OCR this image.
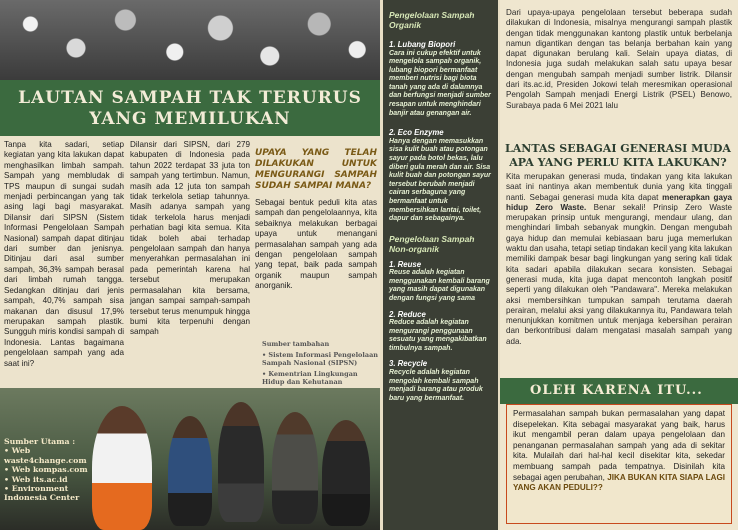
LAUTAN SAMPAH TAK TERURUS
YANG MEMILUKAN

Tanpa kita sadari, setiap kegiatan yang kita lakukan dapat menghasilkan limbah sampah. Sampah yang membludak di TPS maupun di sungai sudah menjadi perbincangan yang tak asing lagi bagi masyarakat. Dilansir dari SIPSN (Sistem Informasi Pengelolaan Sampah Nasional) sampah dapat ditinjau dari sumber dan jenisnya. Ditinjau dari asal sumber sampah, 36,3% sampah berasal dari limbah rumah tangga. Sedangkan ditinjau dari jenis sampah, 40,7% sampah sisa makanan dan disusul 17,9% merupakan sampah plastik. Sungguh miris kondisi sampah di Indonesia. Lantas bagaimana pengelolaan sampah yang ada saat ini?

Dilansir dari SIPSN, dari 279 kabupaten di Indonesia pada tahun 2022 terdapat 33 juta ton sampah yang tertimbun. Namun, masih ada 12 juta ton sampah tidak terkelola setiap tahunnya. Masih adanya sampah yang tidak terkelola harus menjadi perhatian bagi kita semua. Kita tidak boleh abai terhadap pengelolaan sampah dan hanya menyerahkan permasalahan ini pada pemerintah karena hal tersebut merupakan permasalahan kita bersama, jangan sampai sampah-sampah tersebut terus menumpuk hingga bumi kita terpenuhi dengan sampah

UPAYA YANG TELAH DILAKUKAN UNTUK MENGURANGI SAMPAH SUDAH SAMPAI MANA?

Sebagai bentuk peduli kita atas sampah dan pengelolaannya, kita sebaiknya melakukan berbagai upaya untuk menangani permasalahan sampah yang ada dengan pengelolaan sampah yang tepat, baik pada sampah organik maupun sampah anorganik.

Sumber tambahan

• Sistem Informasi Pengelolaan Sampah Nasional (SIPSN)

• Kementrian Lingkungan Hidup dan Kehutanan

Sumber Utama :

• Web waste4change.com

• Web kompas.com

• Web its.ac.id

• Environment Indonesia Center

Pengelolaan Sampah Organik
1. Lubang Biopori

Cara ini cukup efektif untuk mengelola sampah organik, lubang biopori bermanfaat memberi nutrisi bagi biota tanah yang ada di dalamnya dan berfungsi menjadi sumber resapan untuk menghindari banjir atau genangan air.

2. Eco Enzyme

Hanya dengan memasukkan sisa kulit buah atau potongan sayur pada botol bekas, lalu diberi gula merah dan air. Sisa kulit buah dan potongan sayur tersebut berubah menjadi cairan serbaguna yang bermanfaat untuk membersihkan lantai, toilet, dapur dan sebagainya.

Pengelolaan Sampah Non-organik
1. Reuse

Reuse adalah kegiatan menggunakan kembali barang yang masih dapat digunakan dengan fungsi yang sama

2. Reduce

Reduce adalah kegiatan mengurangi penggunaan sesuatu yang mengakibatkan timbulnya sampah.

3. Recycle

Recycle adalah kegiatan mengolah kembali sampah menjadi barang atau produk baru yang bermanfaat.

Dari upaya-upaya pengelolaan tersebut beberapa sudah dilakukan di Indonesia, misalnya mengurangi sampah plastik dengan tidak menggunakan kantong plastik untuk berbelanja namun digantikan dengan tas belanja berbahan kain yang dapat digunakan berulang kali. Selain upaya diatas, di Indonesia juga sudah melakukan salah satu upaya besar dengan mengubah sampah menjadi sumber listrik. Dilansir dari its.ac.id, Presiden Jokowi telah meresmikan operasional Pengolah Sampah menjadi Energi Listrik (PSEL) Benowo, Surabaya pada 6 Mei 2021 lalu

LANTAS SEBAGAI GENERASI MUDA APA YANG PERLU KITA LAKUKAN?

Kita merupakan generasi muda, tindakan yang kita lakukan saat ini nantinya akan membentuk dunia yang kita tinggali nanti. Sebagai generasi muda kita dapat menerapkan gaya hidup Zero Waste. Benar sekali! Prinsip Zero Waste merupakan prinsip untuk mengurangi, mendaur ulang, dan menghindari limbah sebanyak mungkin. Dengan mengubah gaya hidup dan memulai kebiasaan baru juga memerlukan waktu dan usaha, tetapi setiap tindakan kecil yang kita lakukan memiliki dampak besar bagi lingkungan yang sering kali tidak kita sadari apabila dilakukan secara konsisten. Sebagai generasi muda, kita juga dapat mencontoh langkah positif seperti yang dilakukan oleh "Pandawara". Mereka melakukan aksi membersihkan tumpukan sampah terutama daerah perairan, melalui aksi yang dilakukannya itu, Pandawara telah menunjukkan komitmen untuk menjaga kebersihan perairan dan berkontribusi dalam mengatasi masalah sampah yang ada.

OLEH KARENA ITU...
Permasalahan sampah bukan permasalahan yang dapat disepelekan. Kita sebagai masyarakat yang baik, harus ikut mengambil peran dalam upaya pengelolaan dan penanganan permasalahan sampah yang ada di sekitar kita. Mulailah dari hal-hal kecil disekitar kita, sekedar membuang sampah pada tempatnya. Disinilah kita sebagai agen perubahan, JIKA BUKAN KITA SIAPA LAGI YANG AKAN PEDULI??
